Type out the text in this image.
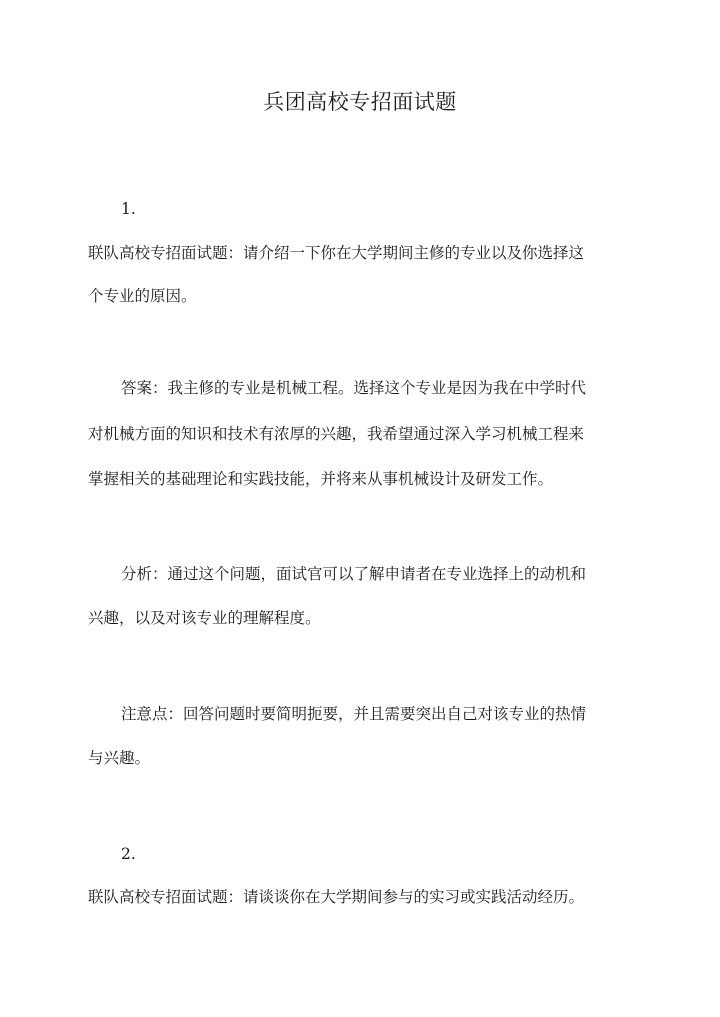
兵团高校专招面试题

1.

联队高校专招面试题：请介绍一下你在大学期间主修的专业以及你选择这

个专业的原因。

答案：我主修的专业是机械工程。选择这个专业是因为我在中学时代

对机械方面的知识和技术有浓厚的兴趣，我希望通过深入学习机械工程来

掌握相关的基础理论和实践技能，并将来从事机械设计及研发工作。

分析：通过这个问题，面试官可以了解申请者在专业选择上的动机和

兴趣，以及对该专业的理解程度。

注意点：回答问题时要简明扼要，并且需要突出自己对该专业的热情

与兴趣。

2.

联队高校专招面试题：请谈谈你在大学期间参与的实习或实践活动经历。
